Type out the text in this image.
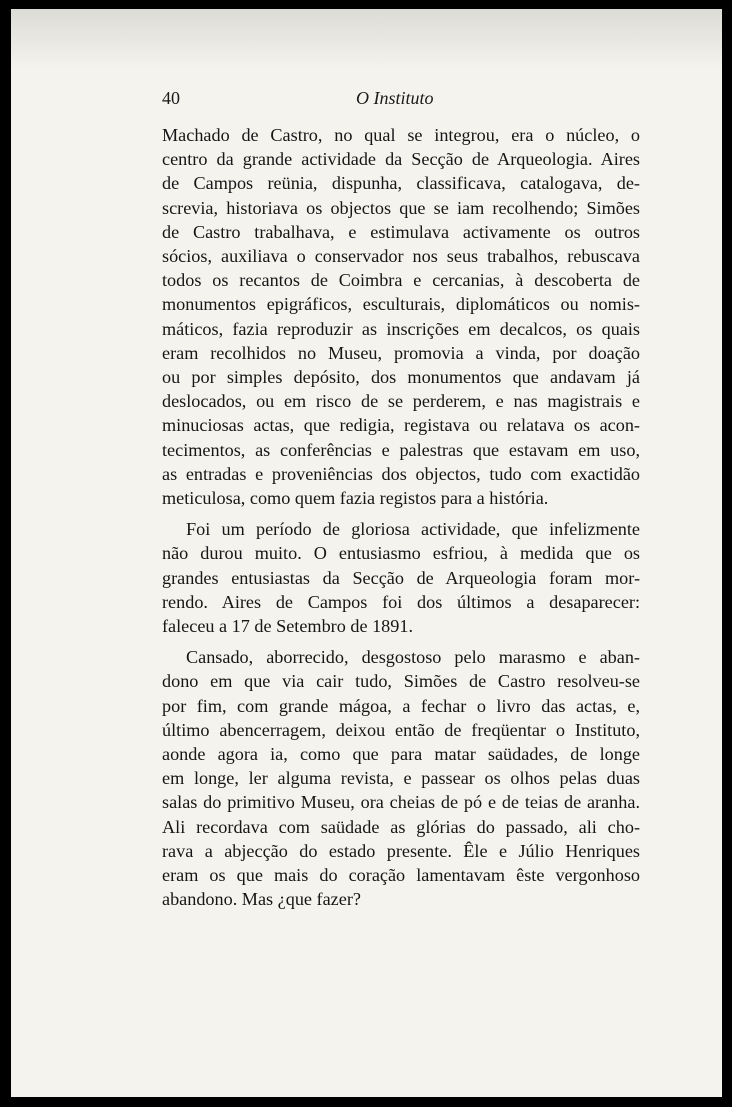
40	O Instituto
Machado de Castro, no qual se integrou, era o núcleo, o
centro da grande actividade da Secção de Arqueologia. Aires
de Campos reünia, dispunha, classificava, catalogava, de-
screvia, historiava os objectos que se iam recolhendo; Simões
de Castro trabalhava, e estimulava activamente os outros
sócios, auxiliava o conservador nos seus trabalhos, rebuscava
todos os recantos de Coimbra e cercanias, à descoberta de
monumentos epigráficos, esculturais, diplomáticos ou nomis-
máticos, fazia reproduzir as inscrições em decalcos, os quais
eram recolhidos no Museu, promovia a vinda, por doação
ou por simples depósito, dos monumentos que andavam já
deslocados, ou em risco de se perderem, e nas magistrais e
minuciosas actas, que redigia, registava ou relatava os acon-
tecimentos, as conferências e palestras que estavam em uso,
as entradas e proveniências dos objectos, tudo com exactidão
meticulosa, como quem fazia registos para a história.
Foi um período de gloriosa actividade, que infelizmente
não durou muito. O entusiasmo esfriou, à medida que os
grandes entusiastas da Secção de Arqueologia foram mor-
rendo. Aires de Campos foi dos últimos a desaparecer:
faleceu a 17 de Setembro de 1891.
Cansado, aborrecido, desgostoso pelo marasmo e aban-
dono em que via cair tudo, Simões de Castro resolveu-se
por fim, com grande mágoa, a fechar o livro das actas, e,
último abencerragem, deixou então de freqüentar o Instituto,
aonde agora ia, como que para matar saüdades, de longe
em longe, ler alguma revista, e passear os olhos pelas duas
salas do primitivo Museu, ora cheias de pó e de teias de aranha.
Ali recordava com saüdade as glórias do passado, ali cho-
rava a abjecção do estado presente. Êle e Júlio Henriques
eram os que mais do coração lamentavam êste vergonhoso
abandono. Mas ¿que fazer?
